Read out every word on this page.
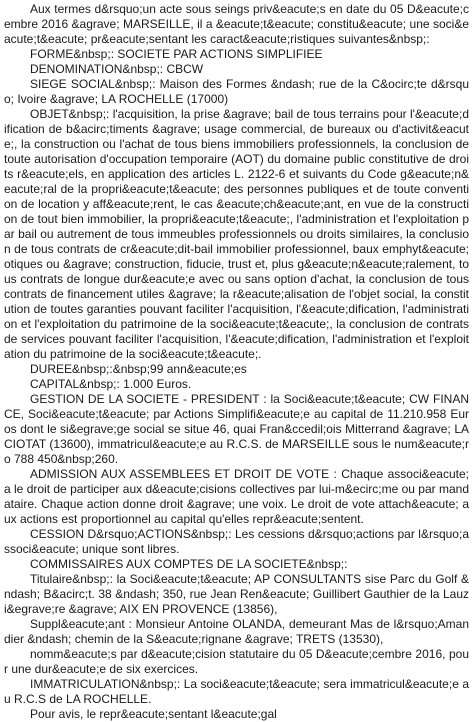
Aux termes d&rsquo;un acte sous seings priv&eacute;s en date du 05 D&eacute;cembre 2016 &agrave; MARSEILLE, il a &eacute;t&eacute; constitu&eacute; une soci&eacute;t&eacute; pr&eacute;sentant les caract&eacute;ristiques suivantes&nbsp;:

FORME&nbsp;: SOCIETE PAR ACTIONS SIMPLIFIEE

DENOMINATION&nbsp;: CBCW

SIEGE SOCIAL&nbsp;: Maison des Formes &ndash; rue de la C&ocirc;te d&rsquo; Ivoire &agrave; LA ROCHELLE (17000)

OBJET&nbsp;: l'acquisition, la prise &agrave; bail de tous terrains pour l'&eacute;dification de b&acirc;timents &agrave; usage commercial, de bureaux ou d'activit&eacute;, la construction ou l'achat de tous biens immobiliers professionnels, la conclusion de toute autorisation d'occupation temporaire (AOT) du domaine public constitutive de droits r&eacute;els, en application des articles L. 2122-6 et suivants du Code g&eacute;n&eacute;ral de la propri&eacute;t&eacute; des personnes publiques et de toute convention de location y aff&eacute;rent, le cas &eacute;ch&eacute;ant, en vue de la construction de tout bien immobilier, la propri&eacute;t&eacute;, l'administration et l'exploitation par bail ou autrement de tous immeubles professionnels ou droits similaires, la conclusion de tous contrats de cr&eacute;dit-bail immobilier professionnel, baux emphyt&eacute;otiques ou &agrave; construction, fiducie, trust et, plus g&eacute;n&eacute;ralement, tous contrats de longue dur&eacute;e avec ou sans option d'achat, la conclusion de tous contrats de financement utiles &agrave; la r&eacute;alisation de l'objet social, la constitution de toutes garanties pouvant faciliter l'acquisition, l'&eacute;dification, l'administration et l'exploitation du patrimoine de la soci&eacute;t&eacute;, la conclusion de contrats de services pouvant faciliter l'acquisition, l'&eacute;dification, l'administration et l'exploitation du patrimoine de la soci&eacute;t&eacute;.

DUREE&nbsp;:&nbsp;99 ann&eacute;es

CAPITAL&nbsp;: 1.000 Euros.

GESTION DE LA SOCIETE - PRESIDENT : la Soci&eacute;t&eacute; CW FINANCE, Soci&eacute;t&eacute; par Actions Simplifi&eacute;e au capital de 11.210.958 Euros dont le si&egrave;ge social se situe 46, quai Fran&ccedil;ois Mitterrand &agrave; LA CIOTAT (13600), immatricul&eacute;e au R.C.S. de MARSEILLE sous le num&eacute;ro 788 450&nbsp;260.

ADMISSION AUX ASSEMBLEES ET DROIT DE VOTE : Chaque associ&eacute; a le droit de participer aux d&eacute;cisions collectives par lui-m&ecirc;me ou par mandataire. Chaque action donne droit &agrave; une voix. Le droit de vote attach&eacute; aux actions est proportionnel au capital qu'elles repr&eacute;sentent.

CESSION D&rsquo;ACTIONS&nbsp;: Les cessions d&rsquo;actions par l&rsquo;associ&eacute; unique sont libres.

COMMISSAIRES AUX COMPTES DE LA SOCIETE&nbsp;:

Titulaire&nbsp;: la Soci&eacute;t&eacute; AP CONSULTANTS sise Parc du Golf &ndash; B&acirc;t. 38 &ndash; 350, rue Jean Ren&eacute; Guillibert Gauthier de la Lauzi&egrave;re &agrave; AIX EN PROVENCE (13856),

Suppl&eacute;ant : Monsieur Antoine OLANDA, demeurant Mas de l&rsquo;Amandier &ndash; chemin de la S&eacute;rignane &agrave; TRETS (13530),

nomm&eacute;s par d&eacute;cision statutaire du 05 D&eacute;cembre 2016, pour une dur&eacute;e de six exercices.

IMMATRICULATION&nbsp;: La soci&eacute;t&eacute; sera immatricul&eacute;e au R.C.S de LA ROCHELLE.

Pour avis, le repr&eacute;sentant l&eacute;gal
